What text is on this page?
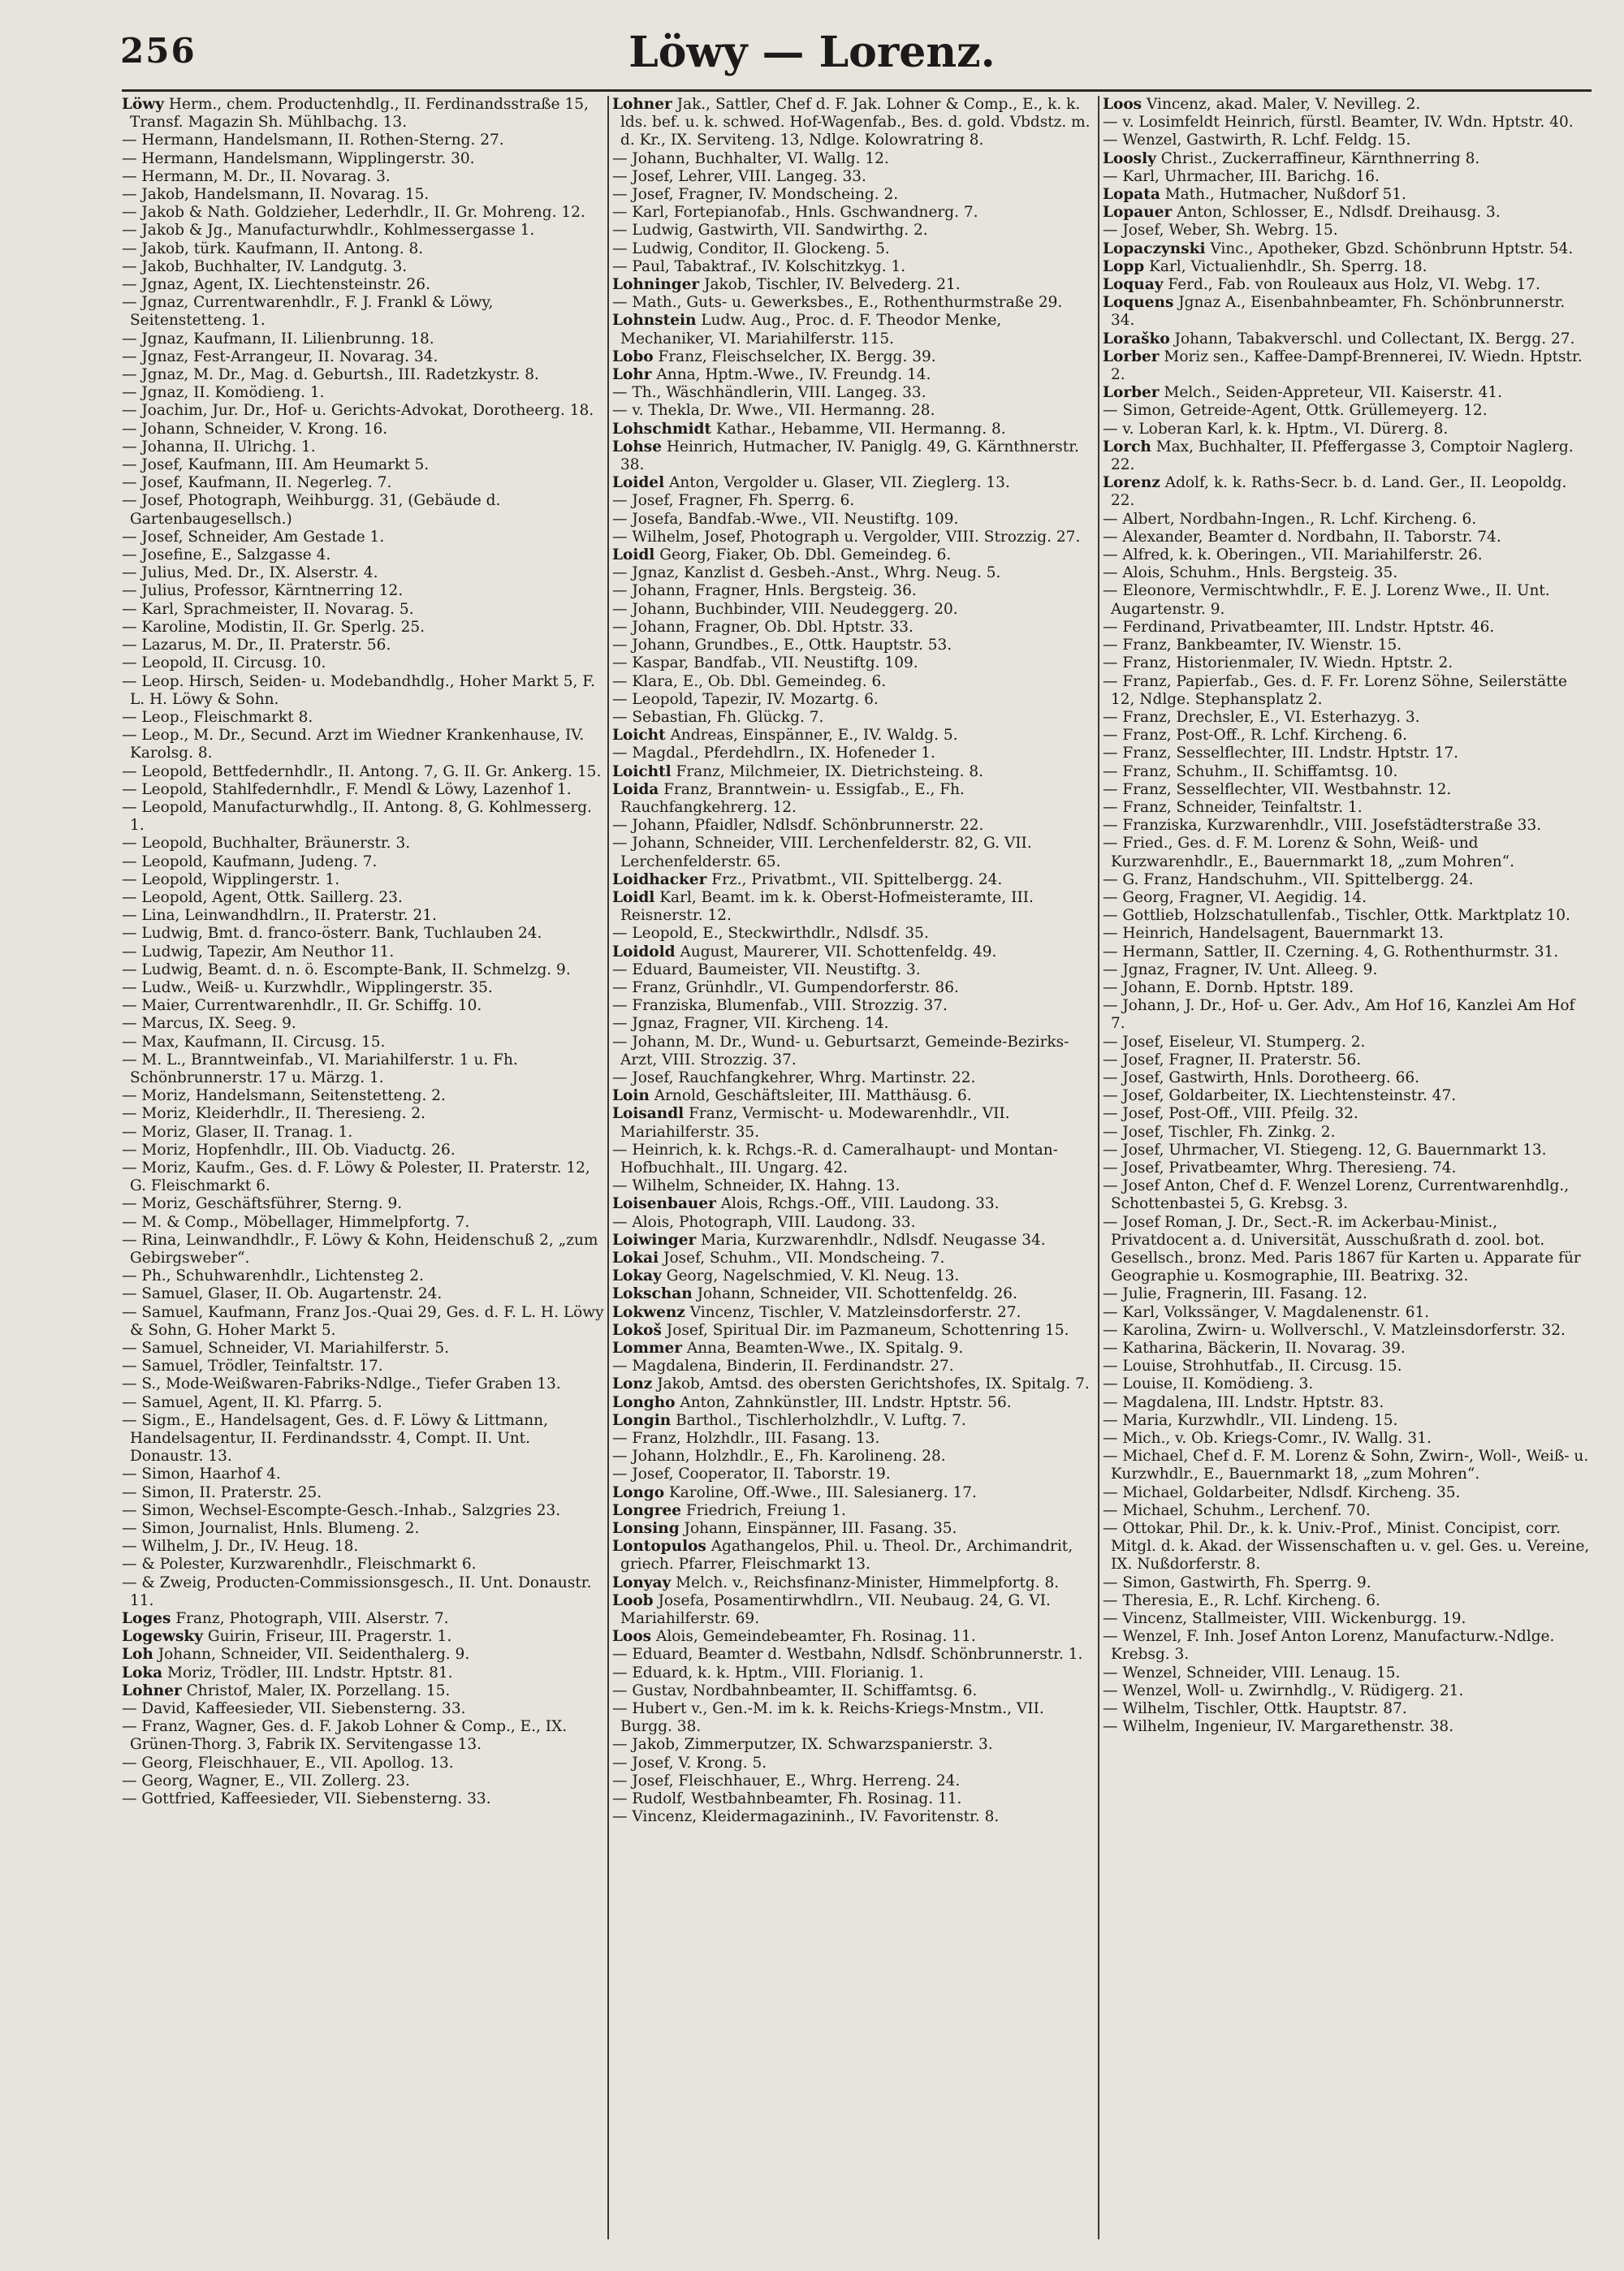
256	Löwy — Lorenz.
Löwy Herm., chem. Productenhdlg., II. Ferdinandsstraße 15, Transf. Magazin Sh. Mühlbachg. 13.
— Hermann, Handelsmann, II. Rothen-Sterng. 27.
— Hermann, Handelsmann, Wipplingerstr. 30.
— Hermann, M. Dr., II. Novarag. 3.
— Jakob, Handelsmann, II. Novarag. 15.
— Jakob & Nath. Goldzieher, Lederhdlr., II. Gr. Mohreng. 12.
— Jakob & Jg., Manufacturwhdlr., Kohlmessergasse 1.
— Jakob, türk. Kaufmann, II. Antong. 8.
— Jakob, Buchhalter, IV. Landgutg. 3.
— Jgnaz, Agent, IX. Liechtensteinstr. 26.
— Jgnaz, Currentwarenhdlr., F. J. Frankl & Löwy, Seitenstetteng. 1.
— Jgnaz, Kaufmann, II. Lilienbrunng. 18.
— Jgnaz, Fest-Arrangeur, II. Novarag. 34.
— Jgnaz, M. Dr., Mag. d. Geburtsh., III. Radetzkystr. 8.
— Jgnaz, II. Komödieng. 1.
— Joachim, Jur. Dr., Hof- u. Gerichts-Advokat, Dorotheerg. 18.
— Johann, Schneider, V. Krong. 16.
— Johanna, II. Ulrichg. 1.
— Josef, Kaufmann, III. Am Heumarkt 5.
— Josef, Kaufmann, II. Negerleg. 7.
— Josef, Photograph, Weihburgg. 31, (Gebäude d. Gartenbaugesellsch.)
— Josef, Schneider, Am Gestade 1.
— Josefine, E., Salzgasse 4.
— Julius, Med. Dr., IX. Alserstr. 4.
— Julius, Professor, Kärntnerring 12.
— Karl, Sprachmeister, II. Novarag. 5.
— Karoline, Modistin, II. Gr. Sperlg. 25.
— Lazarus, M. Dr., II. Praterstr. 56.
— Leopold, II. Circusg. 10.
— Leop. Hirsch, Seiden- u. Modebandhdlg., Hoher Markt 5, F. L. H. Löwy & Sohn.
— Leop., Fleischmarkt 8.
— Leop., M. Dr., Secund. Arzt im Wiedner Krankenhause, IV. Karolsg. 8.
— Leopold, Bettfedernhdlr., II. Antong. 7, G. II. Gr. Ankerg. 15.
— Leopold, Stahlfedernhdlr., F. Mendl & Löwy, Lazenhof 1.
— Leopold, Manufacturwhdlg., II. Antong. 8, G. Kohlmesserg. 1.
— Leopold, Buchhalter, Bräunerstr. 3.
— Leopold, Kaufmann, Judeng. 7.
— Leopold, Wipplingerstr. 1.
— Leopold, Agent, Ottk. Saillerg. 23.
— Lina, Leinwandhdlrn., II. Praterstr. 21.
— Ludwig, Bmt. d. franco-österr. Bank, Tuchlauben 24.
— Ludwig, Tapezir, Am Neuthor 11.
— Ludwig, Beamt. d. n. ö. Escompte-Bank, II. Schmelzg. 9.
— Ludw., Weiß- u. Kurzwhdlr., Wipplingerstr. 35.
— Maier, Currentwarenhdlr., II. Gr. Schiffg. 10.
— Marcus, IX. Seeg. 9.
— Max, Kaufmann, II. Circusg. 15.
— M. L., Branntweinfab., VI. Mariahilferstr. 1 u. Fh. Schönbrunnerstr. 17 u. Märzg. 1.
— Moriz, Handelsmann, Seitenstetteng. 2.
— Moriz, Kleiderhdlr., II. Theresieng. 2.
— Moriz, Glaser, II. Tranag. 1.
— Moriz, Hopfenhdlr., III. Ob. Viaductg. 26.
— Moriz, Kaufm., Ges. d. F. Löwy & Polester, II. Praterstr. 12, G. Fleischmarkt 6.
— Moriz, Geschäftsführer, Sterng. 9.
— M. & Comp., Möbellager, Himmelpfortg. 7.
— Rina, Leinwandhdlr., F. Löwy & Kohn, Heidenschuß 2, „zum Gebirgsweber“.
— Ph., Schuhwarenhdlr., Lichtensteg 2.
— Samuel, Glaser, II. Ob. Augartenstr. 24.
— Samuel, Kaufmann, Franz Jos.-Quai 29, Ges. d. F. L. H. Löwy & Sohn, G. Hoher Markt 5.
— Samuel, Schneider, VI. Mariahilferstr. 5.
— Samuel, Trödler, Teinfaltstr. 17.
— S., Mode-Weißwaren-Fabriks-Ndlge., Tiefer Graben 13.
— Samuel, Agent, II. Kl. Pfarrg. 5.
— Sigm., E., Handelsagent, Ges. d. F. Löwy & Littmann, Handelsagentur, II. Ferdinandsstr. 4, Compt. II. Unt. Donaustr. 13.
— Simon, Haarhof 4.
— Simon, II. Praterstr. 25.
— Simon, Wechsel-Escompte-Gesch.-Inhab., Salzgries 23.
— Simon, Journalist, Hnls. Blumeng. 2.
— Wilhelm, J. Dr., IV. Heug. 18.
— & Polester, Kurzwarenhdlr., Fleischmarkt 6.
— & Zweig, Producten-Commissionsgesch., II. Unt. Donaustr. 11.
Loges Franz, Photograph, VIII. Alserstr. 7.
Logewsky Guirin, Friseur, III. Pragerstr. 1.
Loh Johann, Schneider, VII. Seidenthalerg. 9.
Loka Moriz, Trödler, III. Lndstr. Hptstr. 81.
Lohner Christof, Maler, IX. Porzellang. 15.
— David, Kaffeesieder, VII. Siebensterng. 33.
— Franz, Wagner, Ges. d. F. Jakob Lohner & Comp., E., IX. Grünen-Thorg. 3, Fabrik IX. Servitengasse 13.
— Georg, Fleischhauer, E., VII. Apollog. 13.
— Georg, Wagner, E., VII. Zollerg. 23.
— Gottfried, Kaffeesieder, VII. Siebensterng. 33.
Lohner Jak., Sattler, Chef d. F. Jak. Lohner & Comp., E., k. k. lds. bef. u. k. schwed. Hof-Wagenfab., Bes. d. gold. Vbdstz. m. d. Kr., IX. Serviteng. 13, Ndlge. Kolowratring 8.
— Johann, Buchhalter, VI. Wallg. 12.
— Josef, Lehrer, VIII. Langeg. 33.
— Josef, Fragner, IV. Mondscheing. 2.
— Karl, Fortepianofab., Hnls. Gschwandnerg. 7.
— Ludwig, Gastwirth, VII. Sandwirthg. 2.
— Ludwig, Conditor, II. Glockeng. 5.
— Paul, Tabaktraf., IV. Kolschitzkyg. 1.
Lohninger Jakob, Tischler, IV. Belvederg. 21.
— Math., Guts- u. Gewerksbes., E., Rothenthurmstraße 29.
Lohnstein Ludw. Aug., Proc. d. F. Theodor Menke, Mechaniker, VI. Mariahilferstr. 115.
Lobo Franz, Fleischselcher, IX. Bergg. 39.
Lohr Anna, Hptm.-Wwe., IV. Freundg. 14.
— Th., Wäschhändlerin, VIII. Langeg. 33.
— v. Thekla, Dr. Wwe., VII. Hermanng. 28.
Lohschmidt Kathar., Hebamme, VII. Hermanng. 8.
Lohse Heinrich, Hutmacher, IV. Paniglg. 49, G. Kärnthnerstr. 38.
Loidel Anton, Vergolder u. Glaser, VII. Zieglerg. 13.
— Josef, Fragner, Fh. Sperrg. 6.
— Josefa, Bandfab.-Wwe., VII. Neustiftg. 109.
— Wilhelm, Josef, Photograph u. Vergolder, VIII. Strozzig. 27.
Loidl Georg, Fiaker, Ob. Dbl. Gemeindeg. 6.
— Jgnaz, Kanzlist d. Gesbeh.-Anst., Whrg. Neug. 5.
— Johann, Fragner, Hnls. Bergsteig. 36.
— Johann, Buchbinder, VIII. Neudeggerg. 20.
— Johann, Fragner, Ob. Dbl. Hptstr. 33.
— Johann, Grundbes., E., Ottk. Hauptstr. 53.
— Kaspar, Bandfab., VII. Neustiftg. 109.
— Klara, E., Ob. Dbl. Gemeindeg. 6.
— Leopold, Tapezir, IV. Mozartg. 6.
— Sebastian, Fh. Glückg. 7.
Loicht Andreas, Einspänner, E., IV. Waldg. 5.
— Magdal., Pferdehdlrn., IX. Hofeneder 1.
Loichtl Franz, Milchmeier, IX. Dietrichsteing. 8.
Loida Franz, Branntwein- u. Essigfab., E., Fh. Rauchfangkehrerg. 12.
— Johann, Pfaidler, Ndlsdf. Schönbrunnerstr. 22.
— Johann, Schneider, VIII. Lerchenfelderstr. 82, G. VII. Lerchenfelderstr. 65.
Loidhacker Frz., Privatbmt., VII. Spittelbergg. 24.
Loidl Karl, Beamt. im k. k. Oberst-Hofmeisteramte, III. Reisnerstr. 12.
— Leopold, E., Steckwirthdlr., Ndlsdf. 35.
Loidold August, Maurerer, VII. Schottenfeldg. 49.
— Eduard, Baumeister, VII. Neustiftg. 3.
— Franz, Grünhdlr., VI. Gumpendorferstr. 86.
— Franziska, Blumenfab., VIII. Strozzig. 37.
— Jgnaz, Fragner, VII. Kircheng. 14.
— Johann, M. Dr., Wund- u. Geburtsarzt, Gemeinde-Bezirks-Arzt, VIII. Strozzig. 37.
— Josef, Rauchfangkehrer, Whrg. Martinstr. 22.
Loin Arnold, Geschäftsleiter, III. Matthäusg. 6.
Loisandl Franz, Vermischt- u. Modewarenhdlr., VII. Mariahilferstr. 35.
— Heinrich, k. k. Rchgs.-R. d. Cameralhaupt- und Montan-Hofbuchhalt., III. Ungarg. 42.
— Wilhelm, Schneider, IX. Hahng. 13.
Loisenbauer Alois, Rchgs.-Off., VIII. Laudong. 33.
— Alois, Photograph, VIII. Laudong. 33.
Loiwinger Maria, Kurzwarenhdlr., Ndlsdf. Neugasse 34.
Lokai Josef, Schuhm., VII. Mondscheing. 7.
Lokay Georg, Nagelschmied, V. Kl. Neug. 13.
Lokschan Johann, Schneider, VII. Schottenfeldg. 26.
Lokwenz Vincenz, Tischler, V. Matzleinsdorferstr. 27.
Lokoš Josef, Spiritual Dir. im Pazmaneum, Schottenring 15.
Lommer Anna, Beamten-Wwe., IX. Spitalg. 9.
— Magdalena, Binderin, II. Ferdinandstr. 27.
Lonz Jakob, Amtsd. des obersten Gerichtshofes, IX. Spitalg. 7.
Longho Anton, Zahnkünstler, III. Lndstr. Hptstr. 56.
Longin Barthol., Tischlerholzhdlr., V. Luftg. 7.
— Franz, Holzhdlr., III. Fasang. 13.
— Johann, Holzhdlr., E., Fh. Karolineng. 28.
— Josef, Cooperator, II. Taborstr. 19.
Longo Karoline, Off.-Wwe., III. Salesianerg. 17.
Longree Friedrich, Freiung 1.
Lonsing Johann, Einspänner, III. Fasang. 35.
Lontopulos Agathangelos, Phil. u. Theol. Dr., Archimandrit, griech. Pfarrer, Fleischmarkt 13.
Lonyay Melch. v., Reichsfinanz-Minister, Himmelpfortg. 8.
Loob Josefa, Posamentirwhdlrn., VII. Neubaug. 24, G. VI. Mariahilferstr. 69.
Loos Alois, Gemeindebeamter, Fh. Rosinag. 11.
— Eduard, Beamter d. Westbahn, Ndlsdf. Schönbrunnerstr. 1.
— Eduard, k. k. Hptm., VIII. Florianig. 1.
— Gustav, Nordbahnbeamter, II. Schiffamtsg. 6.
— Hubert v., Gen.-M. im k. k. Reichs-Kriegs-Mnstm., VII. Burgg. 38.
— Jakob, Zimmerputzer, IX. Schwarzspanierstr. 3.
— Josef, V. Krong. 5.
— Josef, Fleischhauer, E., Whrg. Herreng. 24.
— Rudolf, Westbahnbeamter, Fh. Rosinag. 11.
— Vincenz, Kleidermagazininh., IV. Favoritenstr. 8.
Loos Vincenz, akad. Maler, V. Nevilleg. 2.
— v. Losimfeldt Heinrich, fürstl. Beamter, IV. Wdn. Hptstr. 40.
— Wenzel, Gastwirth, R. Lchf. Feldg. 15.
Loosly Christ., Zuckerraffineur, Kärnthnerring 8.
— Karl, Uhrmacher, III. Barichg. 16.
Lopata Math., Hutmacher, Nußdorf 51.
Lopauer Anton, Schlosser, E., Ndlsdf. Dreihausg. 3.
— Josef, Weber, Sh. Webrg. 15.
Lopaczynski Vinc., Apotheker, Gbzd. Schönbrunn Hptstr. 54.
Lopp Karl, Victualienhdlr., Sh. Sperrg. 18.
Loquay Ferd., Fab. von Rouleaux aus Holz, VI. Webg. 17.
Loquens Jgnaz A., Eisenbahnbeamter, Fh. Schönbrunnerstr. 34.
Loraško Johann, Tabakverschl. und Collectant, IX. Bergg. 27.
Lorber Moriz sen., Kaffee-Dampf-Brennerei, IV. Wiedn. Hptstr. 2.
Lorber Melch., Seiden-Appreteur, VII. Kaiserstr. 41.
— Simon, Getreide-Agent, Ottk. Grüllemeyerg. 12.
— v. Loberan Karl, k. k. Hptm., VI. Dürerg. 8.
Lorch Max, Buchhalter, II. Pfeffergasse 3, Comptoir Naglerg. 22.
Lorenz Adolf, k. k. Raths-Secr. b. d. Land. Ger., II. Leopoldg. 22.
— Albert, Nordbahn-Ingen., R. Lchf. Kircheng. 6.
— Alexander, Beamter d. Nordbahn, II. Taborstr. 74.
— Alfred, k. k. Oberingen., VII. Mariahilferstr. 26.
— Alois, Schuhm., Hnls. Bergsteig. 35.
— Eleonore, Vermischtwhdlr., F. E. J. Lorenz Wwe., II. Unt. Augartenstr. 9.
— Ferdinand, Privatbeamter, III. Lndstr. Hptstr. 46.
— Franz, Bankbeamter, IV. Wienstr. 15.
— Franz, Historienmaler, IV. Wiedn. Hptstr. 2.
— Franz, Papierfab., Ges. d. F. Fr. Lorenz Söhne, Seilerstätte 12, Ndlge. Stephansplatz 2.
— Franz, Drechsler, E., VI. Esterhazyg. 3.
— Franz, Post-Off., R. Lchf. Kircheng. 6.
— Franz, Sesselflechter, III. Lndstr. Hptstr. 17.
— Franz, Schuhm., II. Schiffamtsg. 10.
— Franz, Sesselflechter, VII. Westbahnstr. 12.
— Franz, Schneider, Teinfaltstr. 1.
— Franziska, Kurzwarenhdlr., VIII. Josefstädterstraße 33.
— Fried., Ges. d. F. M. Lorenz & Sohn, Weiß- und Kurzwarenhdlr., E., Bauernmarkt 18, „zum Mohren“.
— G. Franz, Handschuhm., VII. Spittelbergg. 24.
— Georg, Fragner, VI. Aegidig. 14.
— Gottlieb, Holzschatullenfab., Tischler, Ottk. Marktplatz 10.
— Heinrich, Handelsagent, Bauernmarkt 13.
— Hermann, Sattler, II. Czerning. 4, G. Rothenthurmstr. 31.
— Jgnaz, Fragner, IV. Unt. Alleeg. 9.
— Johann, E. Dornb. Hptstr. 189.
— Johann, J. Dr., Hof- u. Ger. Adv., Am Hof 16, Kanzlei Am Hof 7.
— Josef, Eiseleur, VI. Stumperg. 2.
— Josef, Fragner, II. Praterstr. 56.
— Josef, Gastwirth, Hnls. Dorotheerg. 66.
— Josef, Goldarbeiter, IX. Liechtensteinstr. 47.
— Josef, Post-Off., VIII. Pfeilg. 32.
— Josef, Tischler, Fh. Zinkg. 2.
— Josef, Uhrmacher, VI. Stiegeng. 12, G. Bauernmarkt 13.
— Josef, Privatbeamter, Whrg. Theresieng. 74.
— Josef Anton, Chef d. F. Wenzel Lorenz, Currentwarenhdlg., Schottenbastei 5, G. Krebsg. 3.
— Josef Roman, J. Dr., Sect.-R. im Ackerbau-Minist., Privatdocent a. d. Universität, Ausschußrath d. zool. bot. Gesellsch., bronz. Med. Paris 1867 für Karten u. Apparate für Geographie u. Kosmographie, III. Beatrixg. 32.
— Julie, Fragnerin, III. Fasang. 12.
— Karl, Volkssänger, V. Magdalenenstr. 61.
— Karolina, Zwirn- u. Wollverschl., V. Matzleinsdorferstr. 32.
— Katharina, Bäckerin, II. Novarag. 39.
— Louise, Strohhutfab., II. Circusg. 15.
— Louise, II. Komödieng. 3.
— Magdalena, III. Lndstr. Hptstr. 83.
— Maria, Kurzwhdlr., VII. Lindeng. 15.
— Mich., v. Ob. Kriegs-Comr., IV. Wallg. 31.
— Michael, Chef d. F. M. Lorenz & Sohn, Zwirn-, Woll-, Weiß- u. Kurzwhdlr., E., Bauernmarkt 18, „zum Mohren“.
— Michael, Goldarbeiter, Ndlsdf. Kircheng. 35.
— Michael, Schuhm., Lerchenf. 70.
— Ottokar, Phil. Dr., k. k. Univ.-Prof., Minist. Concipist, corr. Mitgl. d. k. Akad. der Wissenschaften u. v. gel. Ges. u. Vereine, IX. Nußdorferstr. 8.
— Simon, Gastwirth, Fh. Sperrg. 9.
— Theresia, E., R. Lchf. Kircheng. 6.
— Vincenz, Stallmeister, VIII. Wickenburgg. 19.
— Wenzel, F. Inh. Josef Anton Lorenz, Manufacturw.-Ndlge. Krebsg. 3.
— Wenzel, Schneider, VIII. Lenaug. 15.
— Wenzel, Woll- u. Zwirnhdlg., V. Rüdigerg. 21.
— Wilhelm, Tischler, Ottk. Hauptstr. 87.
— Wilhelm, Ingenieur, IV. Margarethenstr. 38.
